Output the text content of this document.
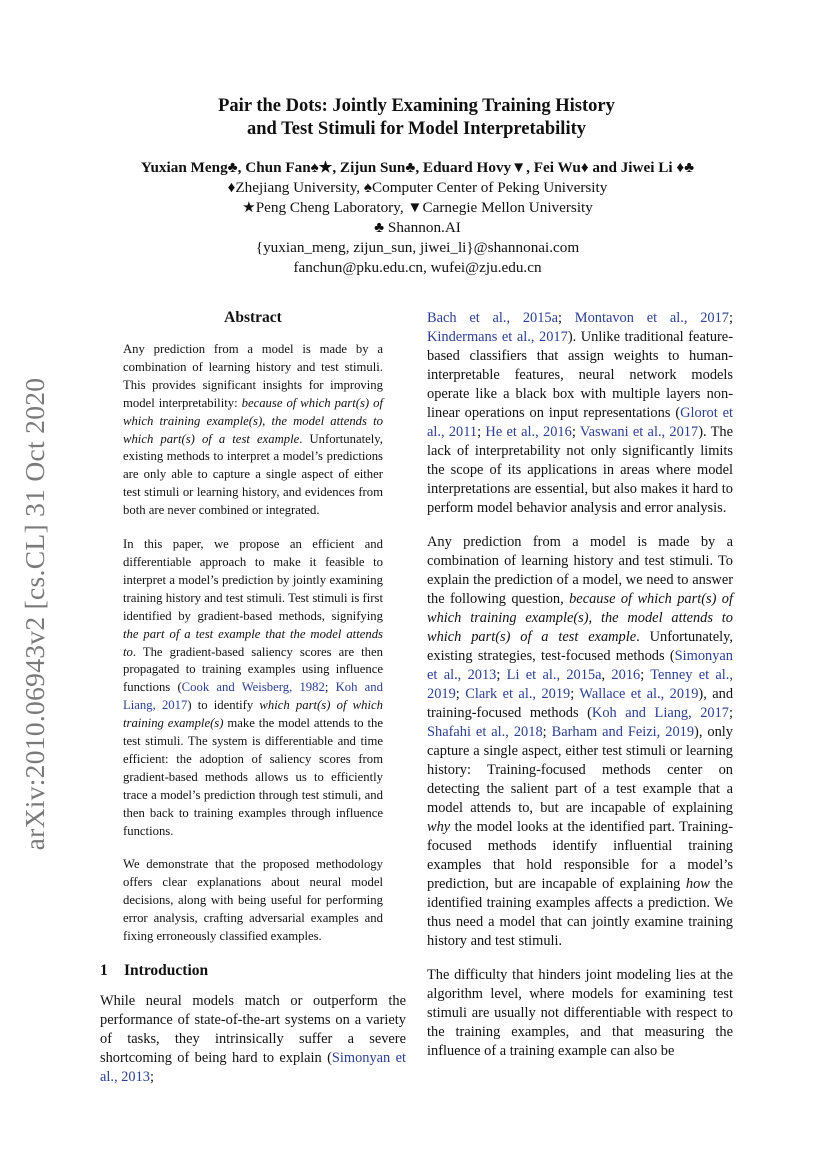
arXiv:2010.06943v2 [cs.CL] 31 Oct 2020
Pair the Dots: Jointly Examining Training History
and Test Stimuli for Model Interpretability
Yuxian Meng♣, Chun Fan♠★, Zijun Sun♣, Eduard Hovy▼, Fei Wu♦ and Jiwei Li ♦♣
♦Zhejiang University, ♠Computer Center of Peking University
★Peng Cheng Laboratory, ▼Carnegie Mellon University
♣ Shannon.AI
{yuxian_meng, zijun_sun, jiwei_li}@shannonai.com
fanchun@pku.edu.cn, wufei@zju.edu.cn
Abstract

Any prediction from a model is made by a combination of learning history and test stimuli. This provides significant insights for improving model interpretability: because of which part(s) of which training example(s), the model attends to which part(s) of a test example. Unfortunately, existing methods to interpret a model’s predictions are only able to capture a single aspect of either test stimuli or learning history, and evidences from both are never combined or integrated.

In this paper, we propose an efficient and differentiable approach to make it feasible to interpret a model’s prediction by jointly examining training history and test stimuli. Test stimuli is first identified by gradient-based methods, signifying the part of a test example that the model attends to. The gradient-based saliency scores are then propagated to training examples using influence functions (Cook and Weisberg, 1982; Koh and Liang, 2017) to identify which part(s) of which training example(s) make the model attends to the test stimuli. The system is differentiable and time efficient: the adoption of saliency scores from gradient-based methods allows us to efficiently trace a model’s prediction through test stimuli, and then back to training examples through influence functions.

We demonstrate that the proposed methodology offers clear explanations about neural model decisions, along with being useful for performing error analysis, crafting adversarial examples and fixing erroneously classified examples.

1 Introduction

While neural models match or outperform the performance of state-of-the-art systems on a variety of tasks, they intrinsically suffer a severe shortcoming of being hard to explain (Simonyan et al., 2013;

Bach et al., 2015a; Montavon et al., 2017; Kindermans et al., 2017). Unlike traditional feature-based classifiers that assign weights to human-interpretable features, neural network models operate like a black box with multiple layers non-linear operations on input representations (Glorot et al., 2011; He et al., 2016; Vaswani et al., 2017). The lack of interpretability not only significantly limits the scope of its applications in areas where model interpretations are essential, but also makes it hard to perform model behavior analysis and error analysis.

Any prediction from a model is made by a combination of learning history and test stimuli. To explain the prediction of a model, we need to answer the following question, because of which part(s) of which training example(s), the model attends to which part(s) of a test example. Unfortunately, existing strategies, test-focused methods (Simonyan et al., 2013; Li et al., 2015a, 2016; Tenney et al., 2019; Clark et al., 2019; Wallace et al., 2019), and training-focused methods (Koh and Liang, 2017; Shafahi et al., 2018; Barham and Feizi, 2019), only capture a single aspect, either test stimuli or learning history: Training-focused methods center on detecting the salient part of a test example that a model attends to, but are incapable of explaining why the model looks at the identified part. Training-focused methods identify influential training examples that hold responsible for a model’s prediction, but are incapable of explaining how the identified training examples affects a prediction. We thus need a model that can jointly examine training history and test stimuli.

The difficulty that hinders joint modeling lies at the algorithm level, where models for examining test stimuli are usually not differentiable with respect to the training examples, and that measuring the influence of a training example can also be
